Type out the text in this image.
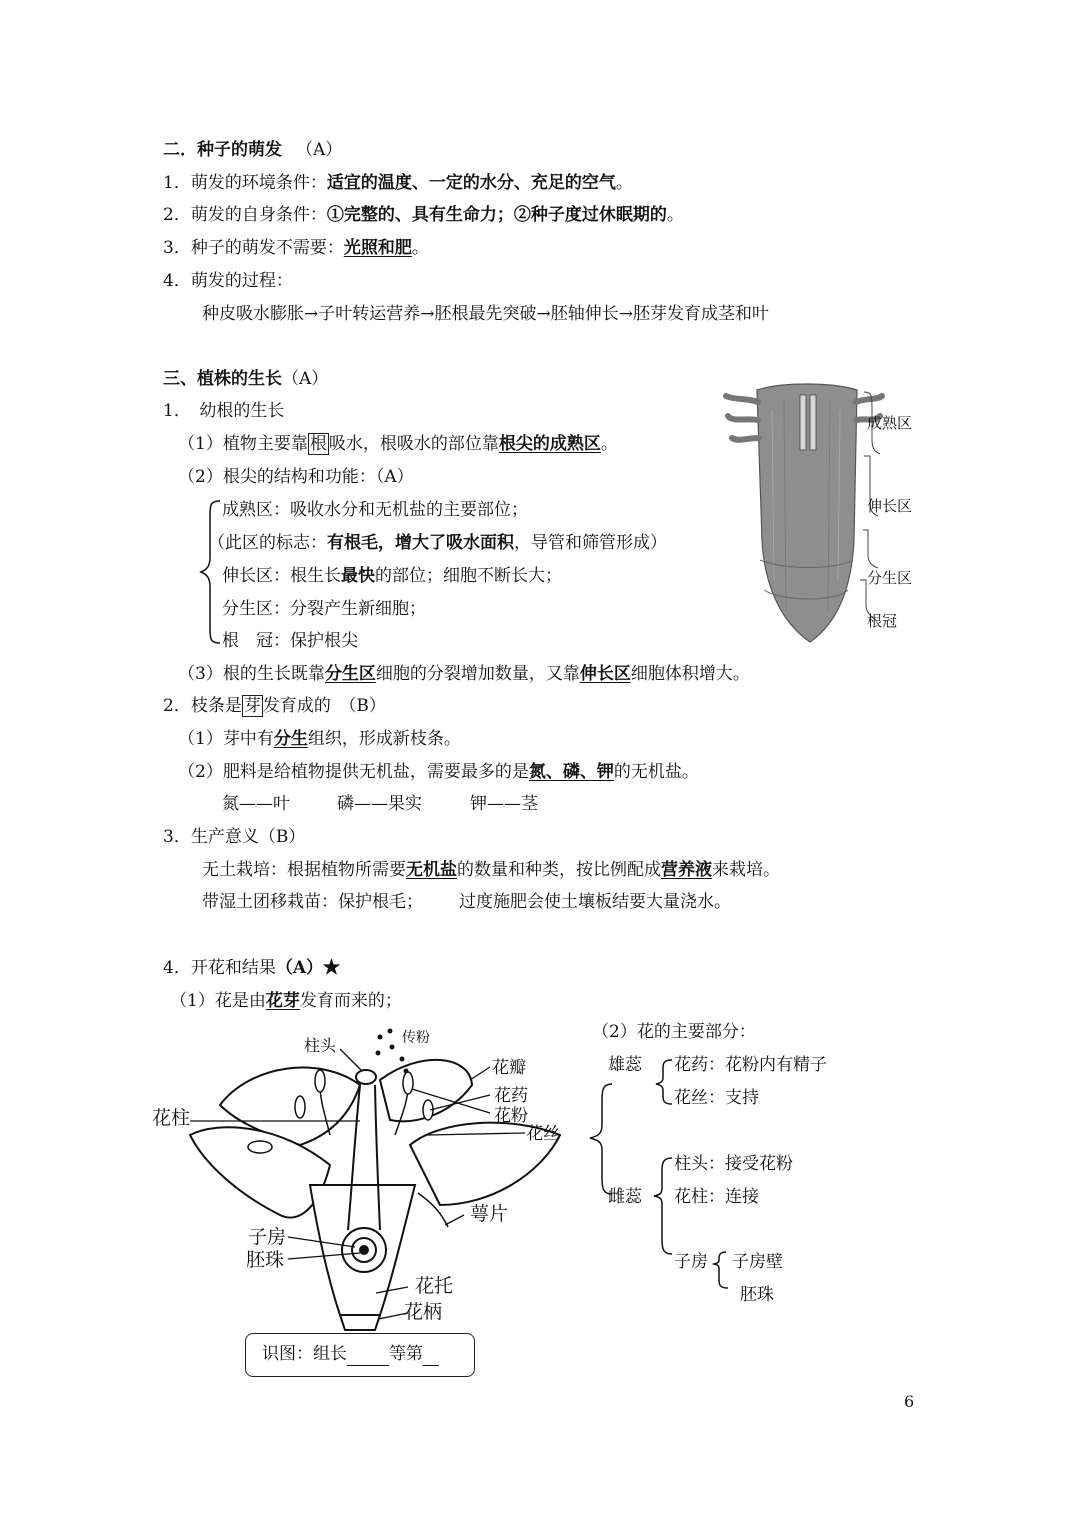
二．种子的萌发 （A）
1．萌发的环境条件：适宜的温度、一定的水分、充足的空气。
2．萌发的自身条件：①完整的、具有生命力；②种子度过休眠期的。
3．种子的萌发不需要：光照和肥。
4．萌发的过程：
种皮吸水膨胀→子叶转运营养→胚根最先突破→胚轴伸长→胚芽发育成茎和叶
三、植株的生长（A）
1．　幼根的生长
（1）植物主要靠 根 吸水，根吸水的部位靠根尖的成熟区。
（2）根尖的结构和功能：（A）
成熟区：吸收水分和无机盐的主要部位；
（此区的标志：有根毛，增大了吸水面积，导管和筛管形成）
伸长区：根生长最快的部位；细胞不断长大；
分生区：分裂产生新细胞；
根　冠：保护根尖
（3）根的生长既靠分生区细胞的分裂增加数量，又靠伸长区细胞体积增大。
2．枝条是 芽 发育成的　（B）
（1）芽中有分生组织，形成新枝条。
（2）肥料是给植物提供无机盐，需要最多的是氮、磷、钾的无机盐。
氮——叶	磷——果实	钾——茎
3．生产意义（B）
无土栽培：根据植物所需要无机盐的数量和种类，按比例配成营养液来栽培。
带湿土团移栽苗：保护根毛； 过度施肥会使土壤板结要大量浇水。
成熟区
伸长区
分生区
根冠
4．开花和结果（A）★
（1）花是由花芽发育而来的；
柱头	传粉
花瓣
花药
花粉
花柱
花丝
萼片
子房
胚珠
花托
花柄
识图：组长 等第
（2）花的主要部分：
雄蕊 花药：花粉内有精子
花丝：支持
雌蕊
柱头：接受花粉
花柱：连接
子房 子房壁
胚珠
6
